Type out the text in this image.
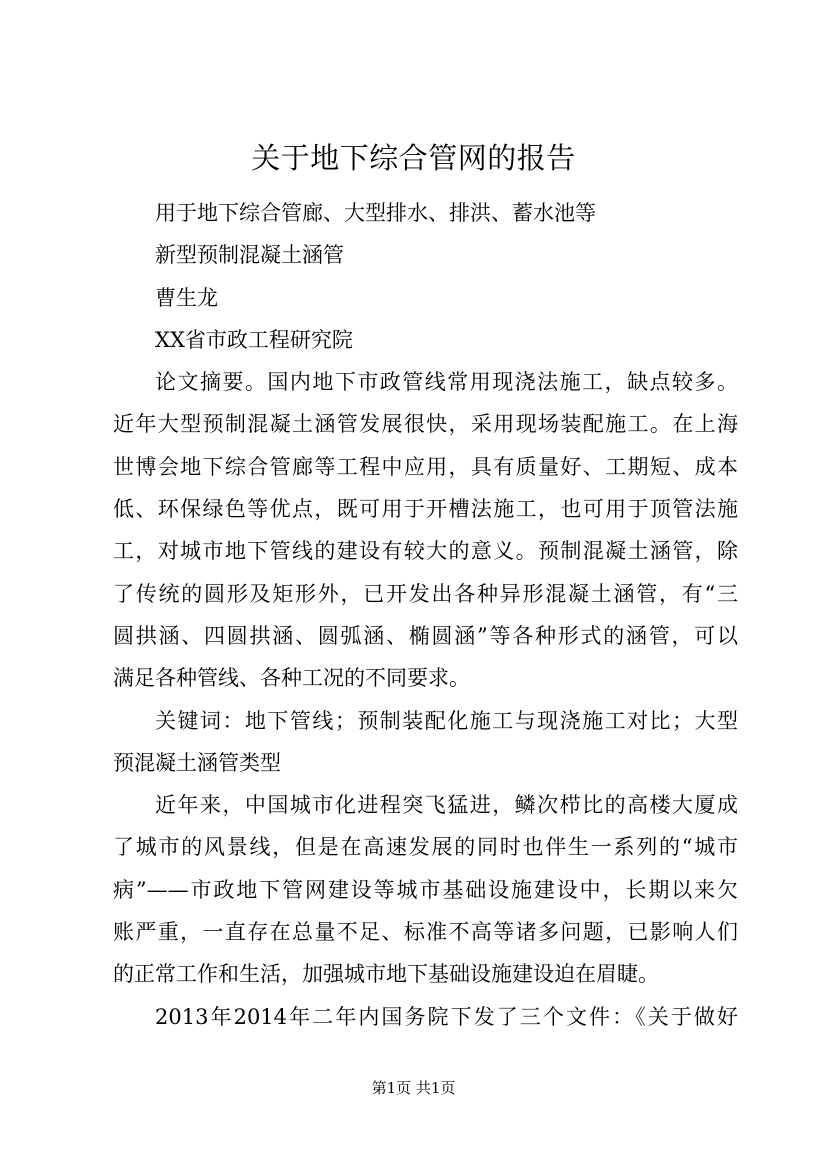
关于地下综合管网的报告

用于地下综合管廊、大型排水、排洪、蓄水池等

新型预制混凝土涵管

曹生龙

XX省市政工程研究院

论文摘要。国内地下市政管线常用现浇法施工，缺点较多。

近年大型预制混凝土涵管发展很快，采用现场装配施工。在上海

世博会地下综合管廊等工程中应用，具有质量好、工期短、成本

低、环保绿色等优点，既可用于开槽法施工，也可用于顶管法施

工，对城市地下管线的建设有较大的意义。预制混凝土涵管，除

了传统的圆形及矩形外，已开发出各种异形混凝土涵管，有“三

圆拱涵、四圆拱涵、圆弧涵、椭圆涵”等各种形式的涵管，可以

满足各种管线、各种工况的不同要求。

关键词：地下管线；预制装配化施工与现浇施工对比；大型

预混凝土涵管类型

近年来，中国城市化进程突飞猛进，鳞次栉比的高楼大厦成

了城市的风景线，但是在高速发展的同时也伴生一系列的“城市

病”——市政地下管网建设等城市基础设施建设中，长期以来欠

账严重，一直存在总量不足、标准不高等诸多问题，已影响人们

的正常工作和生活，加强城市地下基础设施建设迫在眉睫。

2013年2014年二年内国务院下发了三个文件：《关于做好

第1页 共1页
